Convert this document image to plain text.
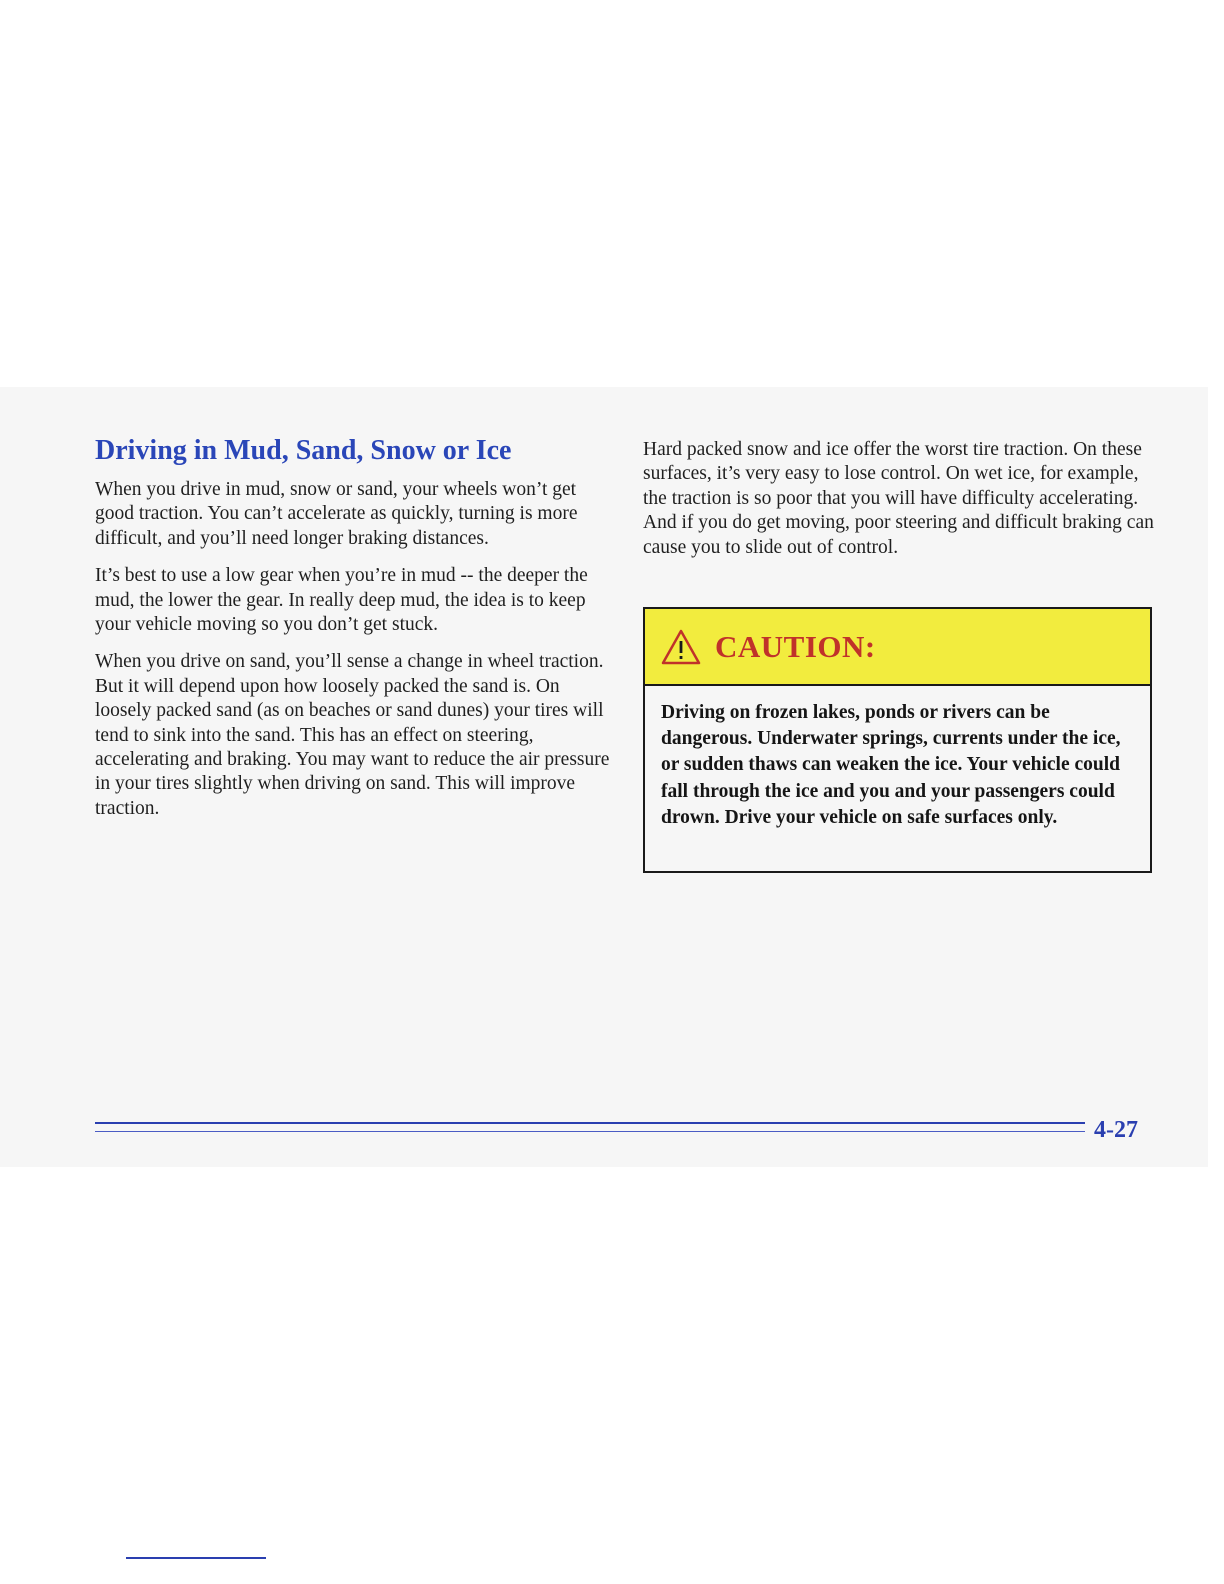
Driving in Mud, Sand, Snow or Ice

When you drive in mud, snow or sand, your wheels won’t get good traction. You can’t accelerate as quickly, turning is more difficult, and you’ll need longer braking distances.

It’s best to use a low gear when you’re in mud -- the deeper the mud, the lower the gear. In really deep mud, the idea is to keep your vehicle moving so you don’t get stuck.

When you drive on sand, you’ll sense a change in wheel traction. But it will depend upon how loosely packed the sand is. On loosely packed sand (as on beaches or sand dunes) your tires will tend to sink into the sand. This has an effect on steering, accelerating and braking. You may want to reduce the air pressure in your tires slightly when driving on sand. This will improve traction.

Hard packed snow and ice offer the worst tire traction. On these surfaces, it’s very easy to lose control. On wet ice, for example, the traction is so poor that you will have difficulty accelerating. And if you do get moving, poor steering and difficult braking can cause you to slide out of control.

CAUTION:
Driving on frozen lakes, ponds or rivers can be dangerous. Underwater springs, currents under the ice, or sudden thaws can weaken the ice. Your vehicle could fall through the ice and you and your passengers could drown. Drive your vehicle on safe surfaces only.
4-27
